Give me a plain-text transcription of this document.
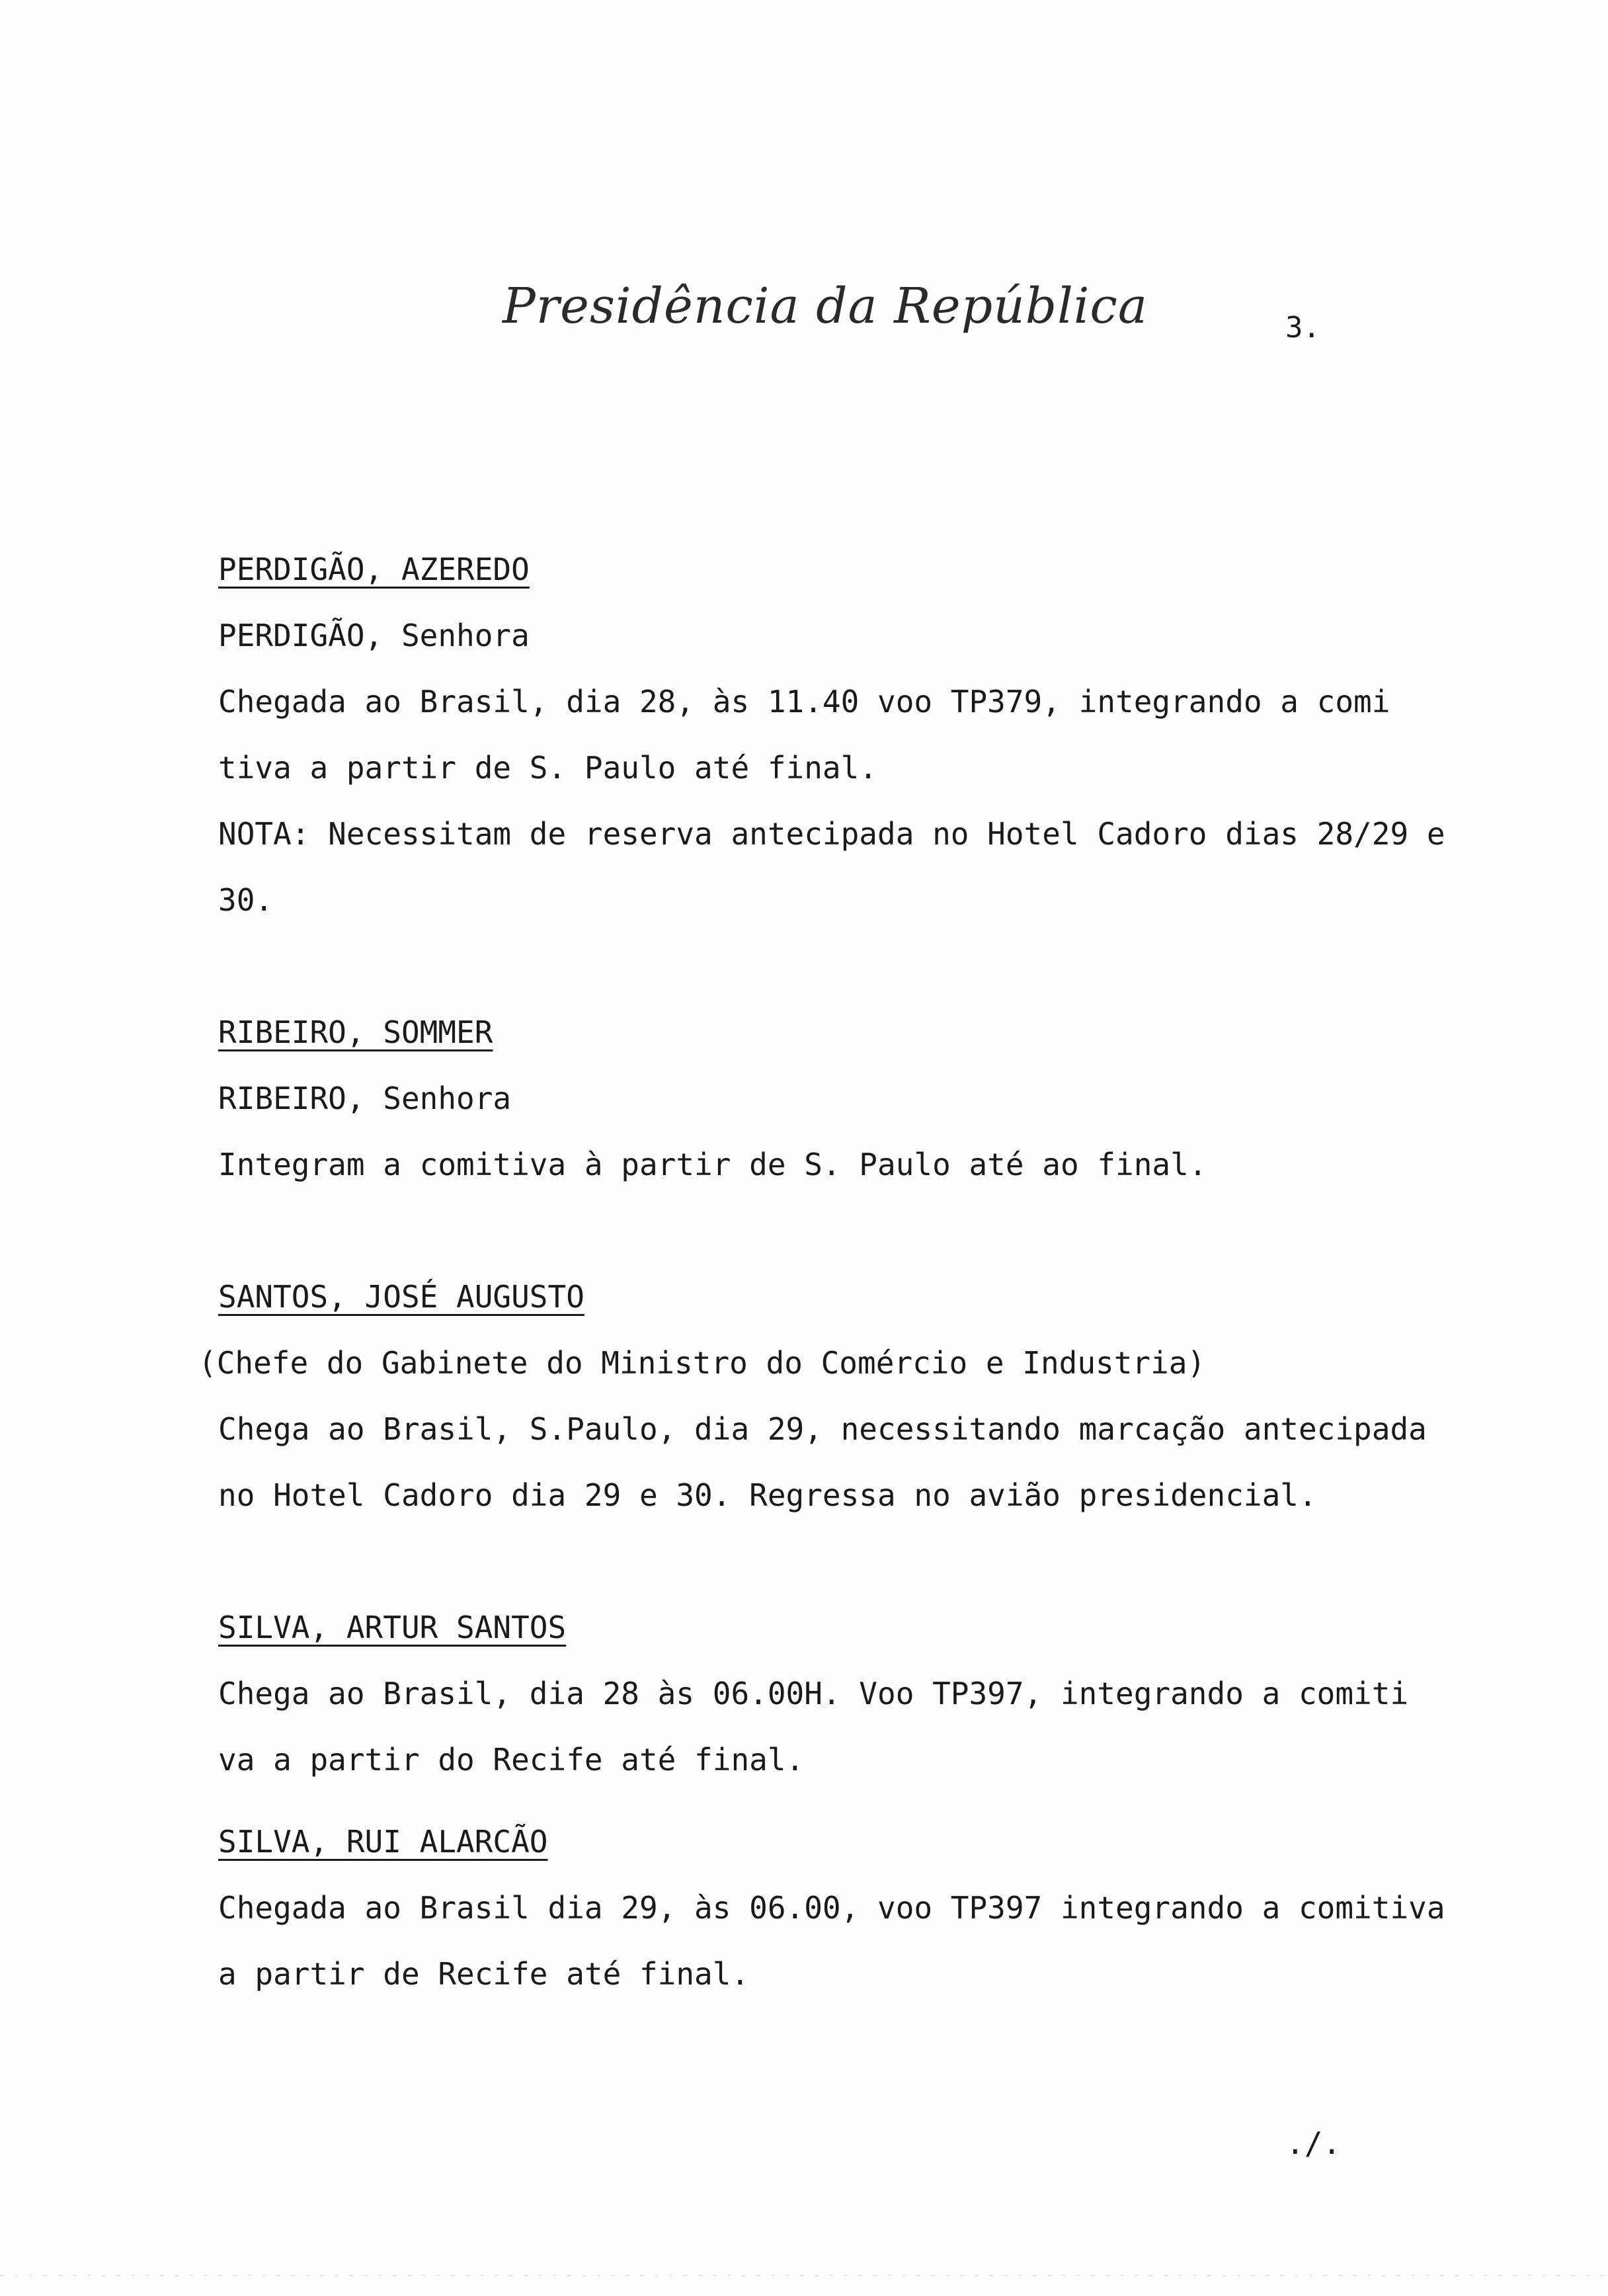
Presidência da República	3.
PERDIGÃO, AZEREDO
PERDIGÃO, Senhora
Chegada ao Brasil, dia 28, às 11.40 voo TP379, integrando a comi
tiva a partir de S. Paulo até final.
NOTA: Necessitam de reserva antecipada no Hotel Cadoro dias 28/29 e
30.
RIBEIRO, SOMMER
RIBEIRO, Senhora
Integram a comitiva à partir de S. Paulo até ao final.
SANTOS, JOSÉ AUGUSTO
(Chefe do Gabinete do Ministro do Comércio e Industria)
Chega ao Brasil, S.Paulo, dia 29, necessitando marcação antecipada
no Hotel Cadoro dia 29 e 30. Regressa no avião presidencial.
SILVA, ARTUR SANTOS
Chega ao Brasil, dia 28 às 06.00H. Voo TP397, integrando a comiti
va a partir do Recife até final.
SILVA, RUI ALARCÃO
Chegada ao Brasil dia 29, às 06.00, voo TP397 integrando a comitiva
a partir de Recife até final.
./.
